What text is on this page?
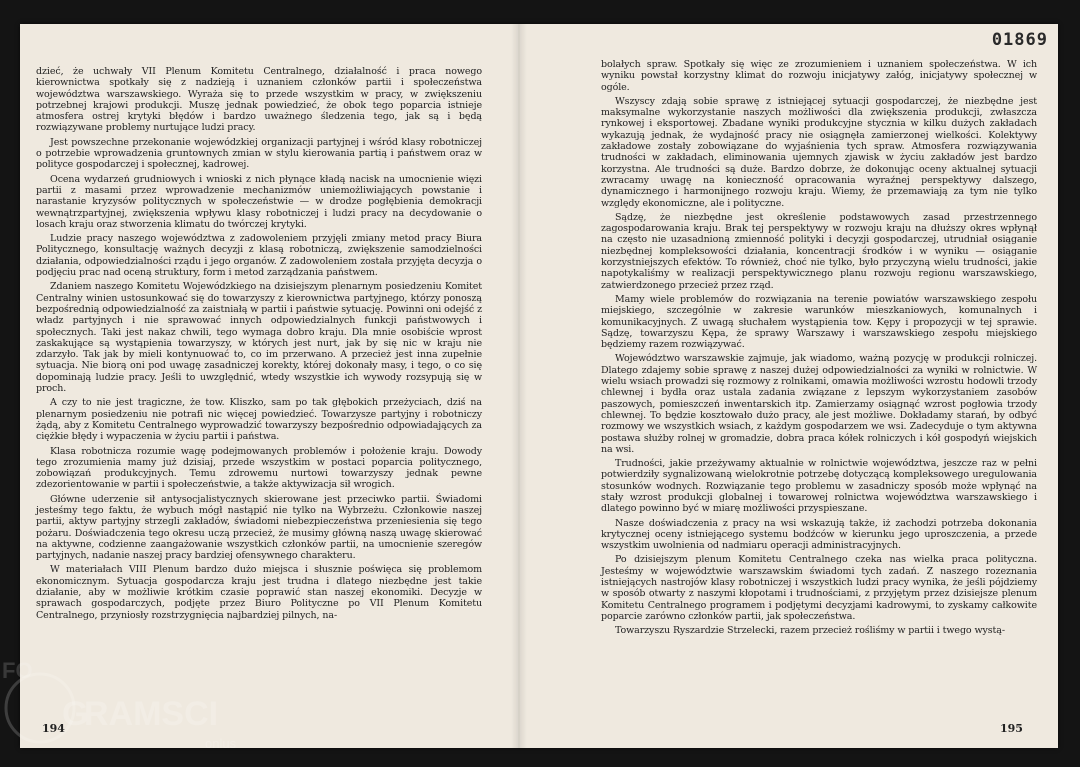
dzieć, że uchwały VII Plenum Komitetu Centralnego, działalność i praca nowego kierownictwa spotkały się z nadzieją i uznaniem członków partii i społeczeństwa województwa warszawskiego. Wyraża się to przede wszystkim w pracy, w zwiększeniu potrzebnej krajowi produkcji. Muszę jednak powiedzieć, że obok tego poparcia istnieje atmosfera ostrej krytyki błędów i bardzo uważnego śledzenia tego, jak są i będą rozwiązywane problemy nurtujące ludzi pracy.

Jest powszechne przekonanie wojewódzkiej organizacji partyjnej i wśród klasy robotniczej o potrzebie wprowadzenia gruntownych zmian w stylu kierowania partią i państwem oraz w polityce gospodarczej i społecznej, kadrowej.

Ocena wydarzeń grudniowych i wnioski z nich płynące kładą nacisk na umocnienie więzi partii z masami przez wprowadzenie mechanizmów uniemożliwiających powstanie i narastanie kryzysów politycznych w społeczeństwie — w drodze pogłębienia demokracji wewnątrzpartyjnej, zwiększenia wpływu klasy robotniczej i ludzi pracy na decydowanie o losach kraju oraz stworzenia klimatu do twórczej krytyki.

Ludzie pracy naszego województwa z zadowoleniem przyjęli zmiany metod pracy Biura Politycznego, konsultację ważnych decyzji z klasą robotniczą, zwiększenie samodzielności działania, odpowiedzialności rządu i jego organów. Z zadowoleniem została przyjęta decyzja o podjęciu prac nad oceną struktury, form i metod zarządzania państwem.

Zdaniem naszego Komitetu Wojewódzkiego na dzisiejszym plenarnym posiedzeniu Komitet Centralny winien ustosunkować się do towarzyszy z kierownictwa partyjnego, którzy ponoszą bezpośrednią odpowiedzialność za zaistniałą w partii i państwie sytuację. Powinni oni odejść z władz partyjnych i nie sprawować innych odpowiedzialnych funkcji państwowych i społecznych. Taki jest nakaz chwili, tego wymaga dobro kraju. Dla mnie osobiście wprost zaskakujące są wystąpienia towarzyszy, w których jest nurt, jak by się nic w kraju nie zdarzyło. Tak jak by mieli kontynuować to, co im przerwano. A przecież jest inna zupełnie sytuacja. Nie biorą oni pod uwagę zasadniczej korekty, której dokonały masy, i tego, o co się dopominają ludzie pracy. Jeśli to uwzględnić, wtedy wszystkie ich wywody rozsypują się w proch.

A czy to nie jest tragiczne, że tow. Kliszko, sam po tak głębokich przeżyciach, dziś na plenarnym posiedzeniu nie potrafi nic więcej powiedzieć. Towarzysze partyjny i robotniczy żądą, aby z Komitetu Centralnego wyprowadzić towarzyszy bezpośrednio odpowiadających za ciężkie błędy i wypaczenia w życiu partii i państwa.

Klasa robotnicza rozumie wagę podejmowanych problemów i położenie kraju. Dowody tego zrozumienia mamy już dzisiaj, przede wszystkim w postaci poparcia politycznego, zobowiązań produkcyjnych. Temu zdrowemu nurtowi towarzyszy jednak pewne zdezorientowanie w partii i społeczeństwie, a także aktywizacja sił wrogich.

Główne uderzenie sił antysocjalistycznych skierowane jest przeciwko partii. Świadomi jesteśmy tego faktu, że wybuch mógł nastąpić nie tylko na Wybrzeżu. Członkowie naszej partii, aktyw partyjny strzegli zakładów, świadomi niebezpieczeństwa przeniesienia się tego pożaru. Doświadczenia tego okresu uczą przecież, że musimy główną naszą uwagę skierować na aktywne, codzienne zaangażowanie wszystkich członków partii, na umocnienie szeregów partyjnych, nadanie naszej pracy bardziej ofensywnego charakteru.

W materiałach VIII Plenum bardzo dużo miejsca i słusznie poświęca się problemom ekonomicznym. Sytuacja gospodarcza kraju jest trudna i dlatego niezbędne jest takie działanie, aby w możliwie krótkim czasie poprawić stan naszej ekonomiki. Decyzje w sprawach gospodarczych, podjęte przez Biuro Polityczne po VII Plenum Komitetu Centralnego, przyniosły rozstrzygnięcia najbardziej pilnych, na-

194
01869

bolałych spraw. Spotkały się więc ze zrozumieniem i uznaniem społeczeństwa. W ich wyniku powstał korzystny klimat do rozwoju inicjatywy załóg, inicjatywy społecznej w ogóle.

Wszyscy zdają sobie sprawę z istniejącej sytuacji gospodarczej, że niezbędne jest maksymalne wykorzystanie naszych możliwości dla zwiększenia produkcji, zwłaszcza rynkowej i eksportowej. Zbadane wyniki produkcyjne stycznia w kilku dużych zakładach wykazują jednak, że wydajność pracy nie osiągnęła zamierzonej wielkości. Kolektywy zakładowe zostały zobowiązane do wyjaśnienia tych spraw. Atmosfera rozwiązywania trudności w zakładach, eliminowania ujemnych zjawisk w życiu zakładów jest bardzo korzystna. Ale trudności są duże. Bardzo dobrze, że dokonując oceny aktualnej sytuacji zwracamy uwagę na konieczność opracowania wyraźnej perspektywy dalszego, dynamicznego i harmonijnego rozwoju kraju. Wiemy, że przemawiają za tym nie tylko względy ekonomiczne, ale i polityczne.

Sądzę, że niezbędne jest określenie podstawowych zasad przestrzennego zagospodarowania kraju. Brak tej perspektywy w rozwoju kraju na dłuższy okres wpłynął na często nie uzasadnioną zmienność polityki i decyzji gospodarczej, utrudniał osiąganie niezbędnej kompleksowości działania, koncentracji środków i w wyniku — osiąganie korzystniejszych efektów. To również, choć nie tylko, było przyczyną wielu trudności, jakie napotykaliśmy w realizacji perspektywicznego planu rozwoju regionu warszawskiego, zatwierdzonego przecież przez rząd.

Mamy wiele problemów do rozwiązania na terenie powiatów warszawskiego zespołu miejskiego, szczególnie w zakresie warunków mieszkaniowych, komunalnych i komunikacyjnych. Z uwagą słuchałem wystąpienia tow. Kępy i propozycji w tej sprawie. Sądzę, towarzyszu Kępa, że sprawy Warszawy i warszawskiego zespołu miejskiego będziemy razem rozwiązywać.

Województwo warszawskie zajmuje, jak wiadomo, ważną pozycję w produkcji rolniczej. Dlatego zdajemy sobie sprawę z naszej dużej odpowiedzialności za wyniki w rolnictwie. W wielu wsiach prowadzi się rozmowy z rolnikami, omawia możliwości wzrostu hodowli trzody chlewnej i bydła oraz ustala zadania związane z lepszym wykorzystaniem zasobów paszowych, pomieszczeń inwentarskich itp. Zamierzamy osiągnąć wzrost pogłowia trzody chlewnej. To będzie kosztowało dużo pracy, ale jest możliwe. Dokładamy starań, by odbyć rozmowy we wszystkich wsiach, z każdym gospodarzem we wsi. Zadecyduje o tym aktywna postawa służby rolnej w gromadzie, dobra praca kółek rolniczych i kół gospodyń wiejskich na wsi.

Trudności, jakie przeżywamy aktualnie w rolnictwie województwa, jeszcze raz w pełni potwierdziły sygnalizowaną wielokrotnie potrzebę dotyczącą kompleksowego uregulowania stosunków wodnych. Rozwiązanie tego problemu w zasadniczy sposób może wpłynąć na stały wzrost produkcji globalnej i towarowej rolnictwa województwa warszawskiego i dlatego powinno być w miarę możliwości przyspieszane.

Nasze doświadczenia z pracy na wsi wskazują także, iż zachodzi potrzeba dokonania krytycznej oceny istniejącego systemu bodźców w kierunku jego uproszczenia, a przede wszystkim uwolnienia od nadmiaru operacji administracyjnych.

Po dzisiejszym plenum Komitetu Centralnego czeka nas wielka praca polityczna. Jesteśmy w województwie warszawskim świadomi tych zadań. Z naszego rozeznania istniejących nastrojów klasy robotniczej i wszystkich ludzi pracy wynika, że jeśli pójdziemy w sposób otwarty z naszymi kłopotami i trudnościami, z przyjętym przez dzisiejsze plenum Komitetu Centralnego programem i podjętymi decyzjami kadrowymi, to zyskamy całkowite poparcie zarówno członków partii, jak społeczeństwa.

Towarzyszu Ryszardzie Strzelecki, razem przecież rośliśmy w partii i twego wystą-

195
FO
RAMSCI
G
onlus
